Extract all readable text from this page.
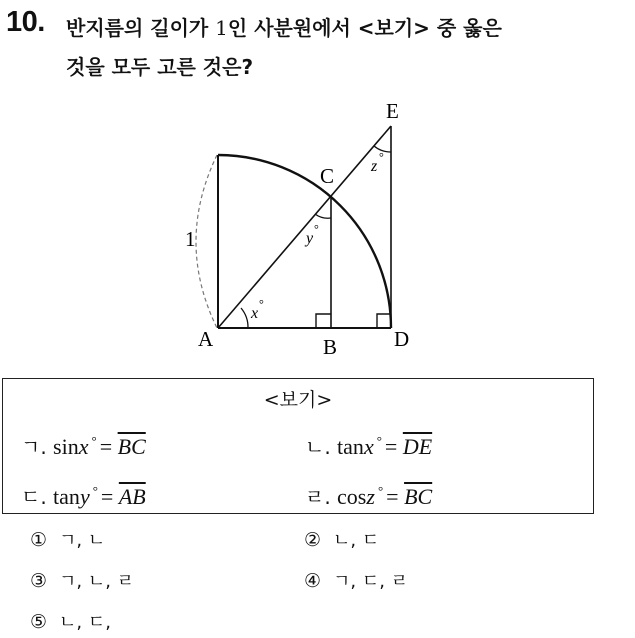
10. 반지름의 길이가 1인 사분원에서 <보기> 중 옳은
것을 모두 고른 것은?
A	B
C
D
E
1
x
°
y
°
z
°
<보기>
ㄱ. sinx $^\circ = \overline{BC}$	ㄴ. tanx $^\circ = \overline{DE}$
ㄷ. tany $^\circ = \overline{AB}$	ㄹ. cosz $^\circ = \overline{BC}$
① ㄱ, ㄴ	② ㄴ, ㄷ
③ ㄱ, ㄴ, ㄹ	④ ㄱ, ㄷ, ㄹ
⑤ ㄴ, ㄷ,
